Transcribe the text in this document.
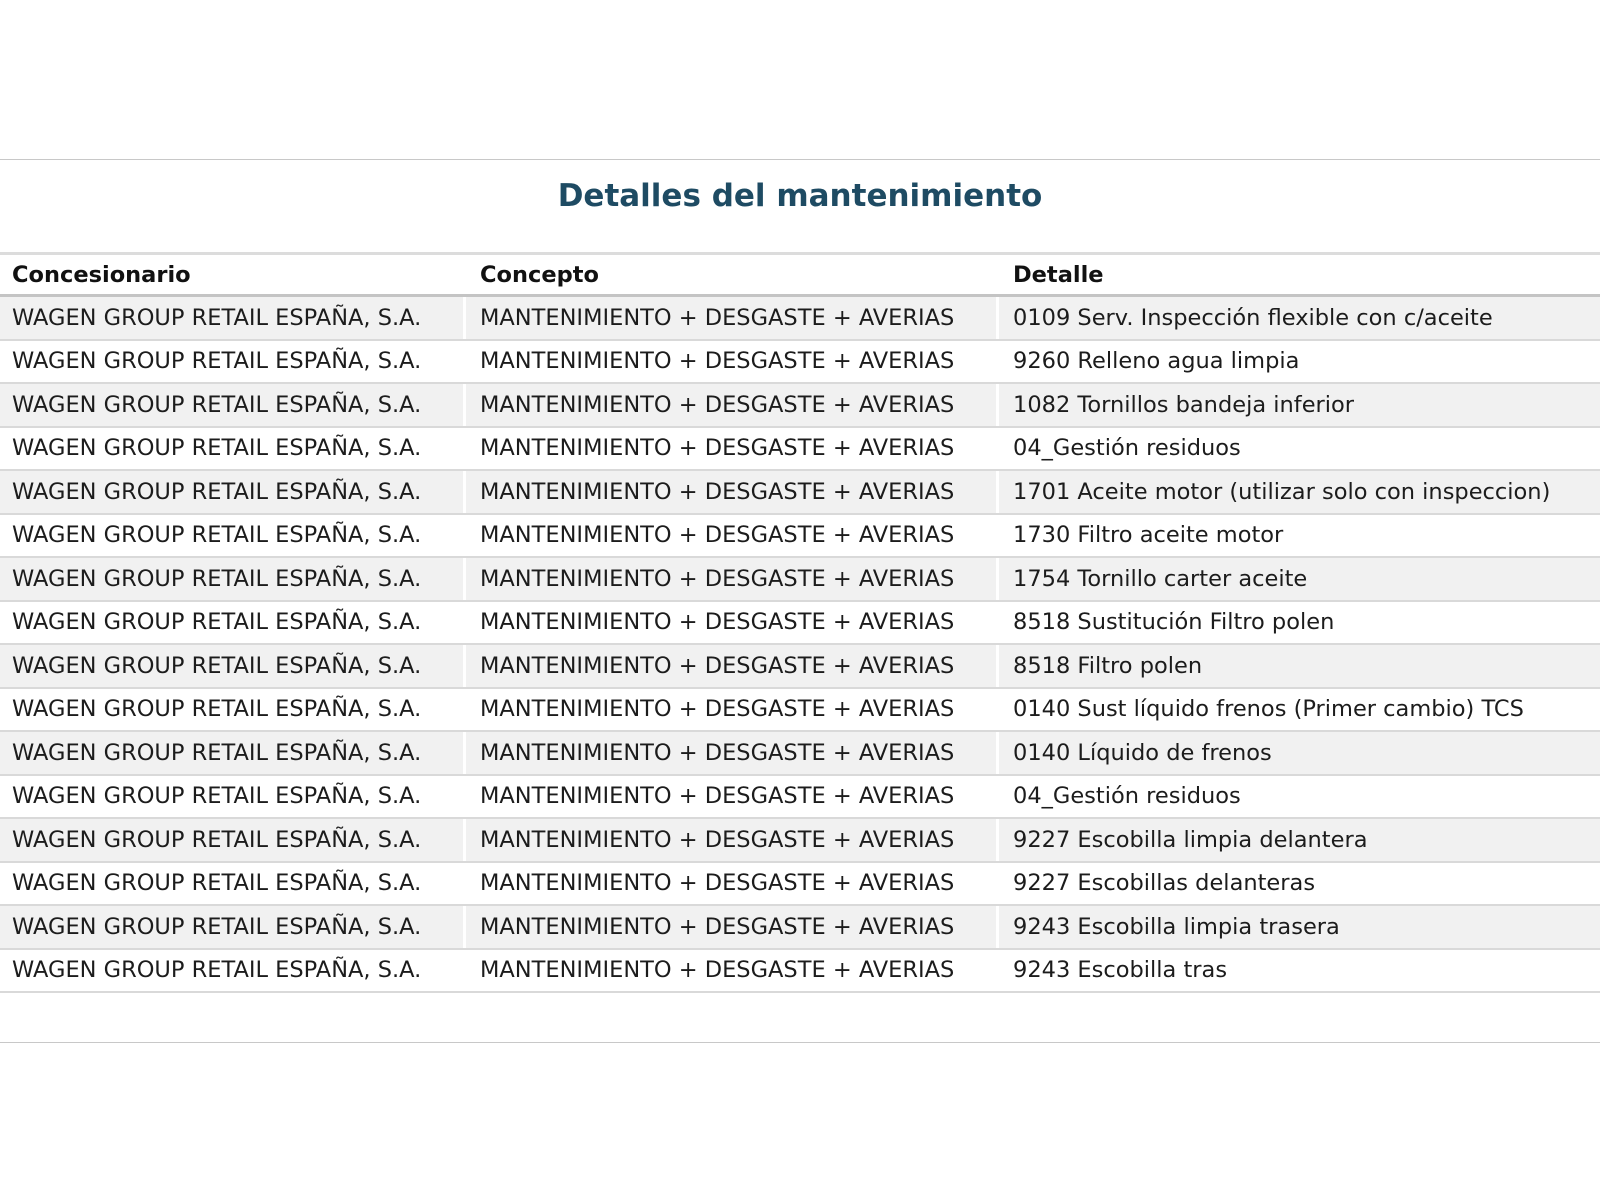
Detalles del mantenimiento
Concesionario	Concepto	Detalle
WAGEN GROUP RETAIL ESPAÑA, S.A.	MANTENIMIENTO + DESGASTE + AVERIAS	0109 Serv. Inspección flexible con c/aceite
WAGEN GROUP RETAIL ESPAÑA, S.A.	MANTENIMIENTO + DESGASTE + AVERIAS	9260 Relleno agua limpia
WAGEN GROUP RETAIL ESPAÑA, S.A.	MANTENIMIENTO + DESGASTE + AVERIAS	1082 Tornillos bandeja inferior
WAGEN GROUP RETAIL ESPAÑA, S.A.	MANTENIMIENTO + DESGASTE + AVERIAS	04_Gestión residuos
WAGEN GROUP RETAIL ESPAÑA, S.A.	MANTENIMIENTO + DESGASTE + AVERIAS	1701 Aceite motor (utilizar solo con inspeccion)
WAGEN GROUP RETAIL ESPAÑA, S.A.	MANTENIMIENTO + DESGASTE + AVERIAS	1730 Filtro aceite motor
WAGEN GROUP RETAIL ESPAÑA, S.A.	MANTENIMIENTO + DESGASTE + AVERIAS	1754 Tornillo carter aceite
WAGEN GROUP RETAIL ESPAÑA, S.A.	MANTENIMIENTO + DESGASTE + AVERIAS	8518 Sustitución Filtro polen
WAGEN GROUP RETAIL ESPAÑA, S.A.	MANTENIMIENTO + DESGASTE + AVERIAS	8518 Filtro polen
WAGEN GROUP RETAIL ESPAÑA, S.A.	MANTENIMIENTO + DESGASTE + AVERIAS	0140 Sust líquido frenos (Primer cambio) TCS
WAGEN GROUP RETAIL ESPAÑA, S.A.	MANTENIMIENTO + DESGASTE + AVERIAS	0140 Líquido de frenos
WAGEN GROUP RETAIL ESPAÑA, S.A.	MANTENIMIENTO + DESGASTE + AVERIAS	04_Gestión residuos
WAGEN GROUP RETAIL ESPAÑA, S.A.	MANTENIMIENTO + DESGASTE + AVERIAS	9227 Escobilla limpia delantera
WAGEN GROUP RETAIL ESPAÑA, S.A.	MANTENIMIENTO + DESGASTE + AVERIAS	9227 Escobillas delanteras
WAGEN GROUP RETAIL ESPAÑA, S.A.	MANTENIMIENTO + DESGASTE + AVERIAS	9243 Escobilla limpia trasera
WAGEN GROUP RETAIL ESPAÑA, S.A.	MANTENIMIENTO + DESGASTE + AVERIAS	9243 Escobilla tras
